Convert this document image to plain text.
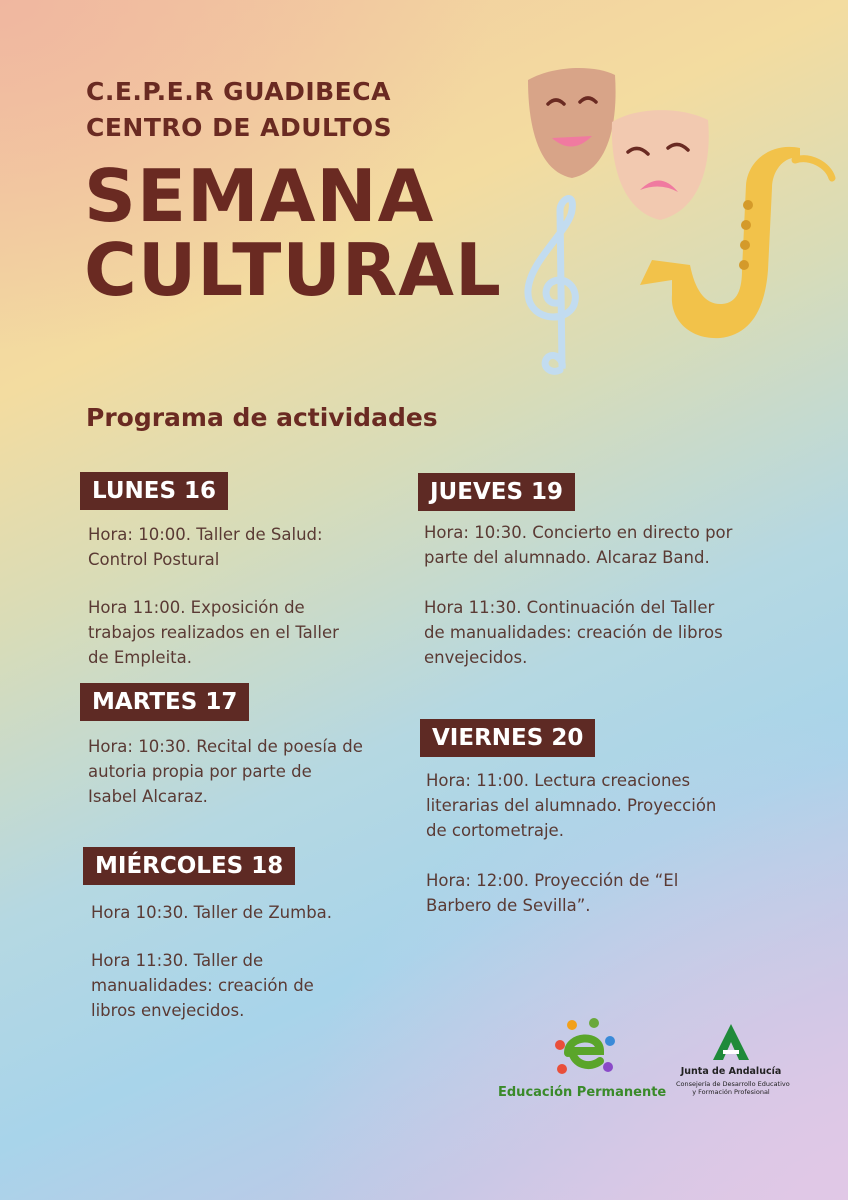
C.E.P.E.R GUADIBECA
CENTRO DE ADULTOS
SEMANA
CULTURAL
Programa de actividades
LUNES 16
Hora: 10:00. Taller de Salud:
Control Postural
Hora 11:00. Exposición de
trabajos realizados en el Taller
de Empleita.
MARTES 17
Hora: 10:30. Recital de poesía de
autoria propia por parte de
Isabel Alcaraz.
MIÉRCOLES 18
Hora 10:30. Taller de Zumba.
Hora 11:30. Taller de
manualidades: creación de
libros envejecidos.
JUEVES 19
Hora: 10:30. Concierto en directo por
parte del alumnado. Alcaraz Band.
Hora 11:30. Continuación del Taller
de manualidades: creación de libros
envejecidos.
VIERNES 20
Hora: 11:00. Lectura creaciones
literarias del alumnado. Proyección
de cortometraje.
Hora: 12:00. Proyección de “El
Barbero de Sevilla”.
Educación Permanente
Junta de Andalucía
Consejería de Desarrollo Educativo
y Formación Profesional
